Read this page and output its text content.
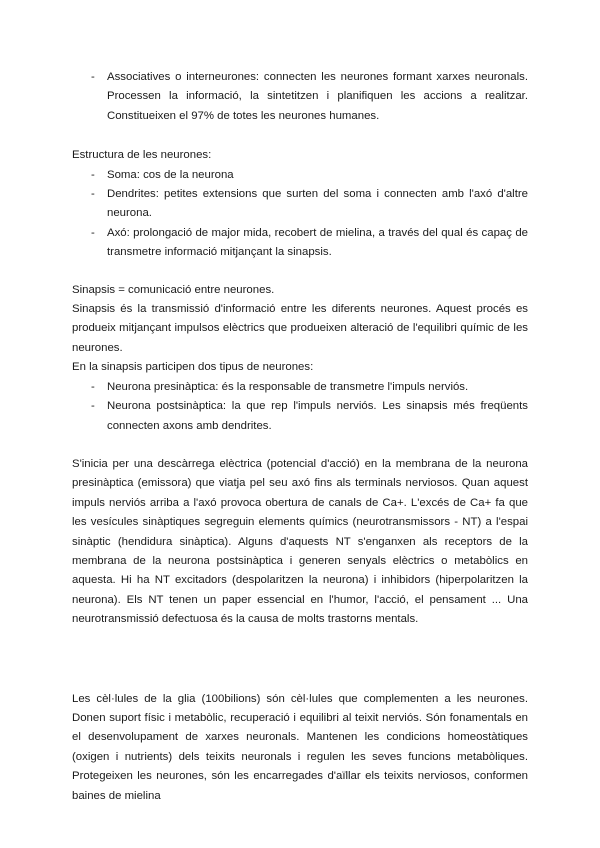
- Associatives o interneurones: connecten les neurones formant xarxes neuronals. Processen la informació, la sintetitzen i planifiquen les accions a realitzar. Constitueixen el 97% de totes les neurones humanes.

Estructura de les neurones:

- Soma: cos de la neurona
- Dendrites: petites extensions que surten del soma i connecten amb l'axó d'altre neurona.
- Axó: prolongació de major mida, recobert de mielina, a través del qual és capaç de transmetre informació mitjançant la sinapsis.

Sinapsis = comunicació entre neurones.

Sinapsis és la transmissió d'informació entre les diferents neurones. Aquest procés es produeix mitjançant impulsos elèctrics que produeixen alteració de l'equilibri químic de les neurones.

En la sinapsis participen dos tipus de neurones:

- Neurona presinàptica: és la responsable de transmetre l'impuls nerviós.
- Neurona postsinàptica: la que rep l'impuls nerviós. Les sinapsis més freqüents connecten axons amb dendrites.

S'inicia per una descàrrega elèctrica (potencial d'acció) en la membrana de la neurona presinàptica (emissora) que viatja pel seu axó fins als terminals nerviosos. Quan aquest impuls nerviós arriba a l'axó provoca obertura de canals de Ca+. L'excés de Ca+ fa que les vesícules sinàptiques segreguin elements químics (neurotransmissors - NT) a l'espai sinàptic (hendidura sinàptica). Alguns d'aquests NT s'enganxen als receptors de la membrana de la neurona postsinàptica i generen senyals elèctrics o metabòlics en aquesta. Hi ha NT excitadors (despolaritzen la neurona) i inhibidors (hiperpolaritzen la neurona). Els NT tenen un paper essencial en l'humor, l'acció, el pensament ... Una neurotransmissió defectuosa és la causa de molts trastorns mentals.

Les cèl·lules de la glia (100bilions) són cèl·lules que complementen a les neurones. Donen suport físic i metabòlic, recuperació i equilibri al teixit nerviós. Són fonamentals en el desenvolupament de xarxes neuronals. Mantenen les condicions homeostàtiques (oxigen i nutrients) dels teixits neuronals i regulen les seves funcions metabòliques. Protegeixen les neurones, són les encarregades d'aïllar els teixits nerviosos, conformen baines de mielina
